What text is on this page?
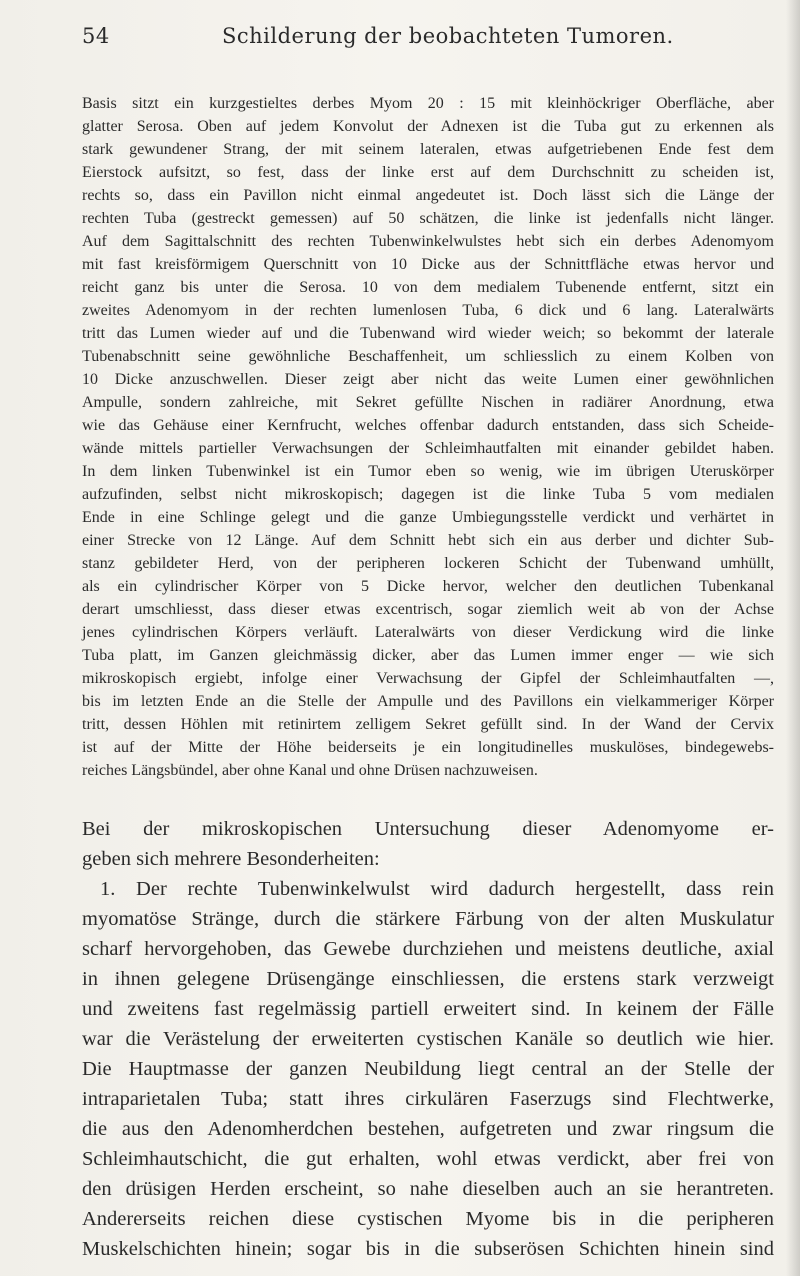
54	Schilderung der beobachteten Tumoren.
Basis sitzt ein kurzgestieltes derbes Myom 20 : 15 mit kleinhöckriger Oberfläche, aber
glatter Serosa. Oben auf jedem Konvolut der Adnexen ist die Tuba gut zu erkennen als
stark gewundener Strang, der mit seinem lateralen, etwas aufgetriebenen Ende fest dem
Eierstock aufsitzt, so fest, dass der linke erst auf dem Durchschnitt zu scheiden ist,
rechts so, dass ein Pavillon nicht einmal angedeutet ist. Doch lässt sich die Länge der
rechten Tuba (gestreckt gemessen) auf 50 schätzen, die linke ist jedenfalls nicht länger.
Auf dem Sagittalschnitt des rechten Tubenwinkelwulstes hebt sich ein derbes Adenomyom
mit fast kreisförmigem Querschnitt von 10 Dicke aus der Schnittfläche etwas hervor und
reicht ganz bis unter die Serosa. 10 von dem medialem Tubenende entfernt, sitzt ein
zweites Adenomyom in der rechten lumenlosen Tuba, 6 dick und 6 lang. Lateralwärts
tritt das Lumen wieder auf und die Tubenwand wird wieder weich; so bekommt der laterale
Tubenabschnitt seine gewöhnliche Beschaffenheit, um schliesslich zu einem Kolben von
10 Dicke anzuschwellen. Dieser zeigt aber nicht das weite Lumen einer gewöhnlichen
Ampulle, sondern zahlreiche, mit Sekret gefüllte Nischen in radiärer Anordnung, etwa
wie das Gehäuse einer Kernfrucht, welches offenbar dadurch entstanden, dass sich Scheide-
wände mittels partieller Verwachsungen der Schleimhautfalten mit einander gebildet haben.
In dem linken Tubenwinkel ist ein Tumor eben so wenig, wie im übrigen Uteruskörper
aufzufinden, selbst nicht mikroskopisch; dagegen ist die linke Tuba 5 vom medialen
Ende in eine Schlinge gelegt und die ganze Umbiegungsstelle verdickt und verhärtet in
einer Strecke von 12 Länge. Auf dem Schnitt hebt sich ein aus derber und dichter Sub-
stanz gebildeter Herd, von der peripheren lockeren Schicht der Tubenwand umhüllt,
als ein cylindrischer Körper von 5 Dicke hervor, welcher den deutlichen Tubenkanal
derart umschliesst, dass dieser etwas excentrisch, sogar ziemlich weit ab von der Achse
jenes cylindrischen Körpers verläuft. Lateralwärts von dieser Verdickung wird die linke
Tuba platt, im Ganzen gleichmässig dicker, aber das Lumen immer enger — wie sich
mikroskopisch ergiebt, infolge einer Verwachsung der Gipfel der Schleimhautfalten —,
bis im letzten Ende an die Stelle der Ampulle und des Pavillons ein vielkammeriger Körper
tritt, dessen Höhlen mit retinirtem zelligem Sekret gefüllt sind. In der Wand der Cervix
ist auf der Mitte der Höhe beiderseits je ein longitudinelles muskulöses, bindegewebs-
reiches Längsbündel, aber ohne Kanal und ohne Drüsen nachzuweisen.
Bei der mikroskopischen Untersuchung dieser Adenomyome er-
geben sich mehrere Besonderheiten:
1. Der rechte Tubenwinkelwulst wird dadurch hergestellt, dass rein
myomatöse Stränge, durch die stärkere Färbung von der alten Muskulatur
scharf hervorgehoben, das Gewebe durchziehen und meistens deutliche, axial
in ihnen gelegene Drüsengänge einschliessen, die erstens stark verzweigt
und zweitens fast regelmässig partiell erweitert sind. In keinem der Fälle
war die Verästelung der erweiterten cystischen Kanäle so deutlich wie hier.
Die Hauptmasse der ganzen Neubildung liegt central an der Stelle der
intraparietalen Tuba; statt ihres cirkulären Faserzugs sind Flechtwerke,
die aus den Adenomherdchen bestehen, aufgetreten und zwar ringsum die
Schleimhautschicht, die gut erhalten, wohl etwas verdickt, aber frei von
den drüsigen Herden erscheint, so nahe dieselben auch an sie herantreten.
Andererseits reichen diese cystischen Myome bis in die peripheren
Muskelschichten hinein; sogar bis in die subserösen Schichten hinein sind
